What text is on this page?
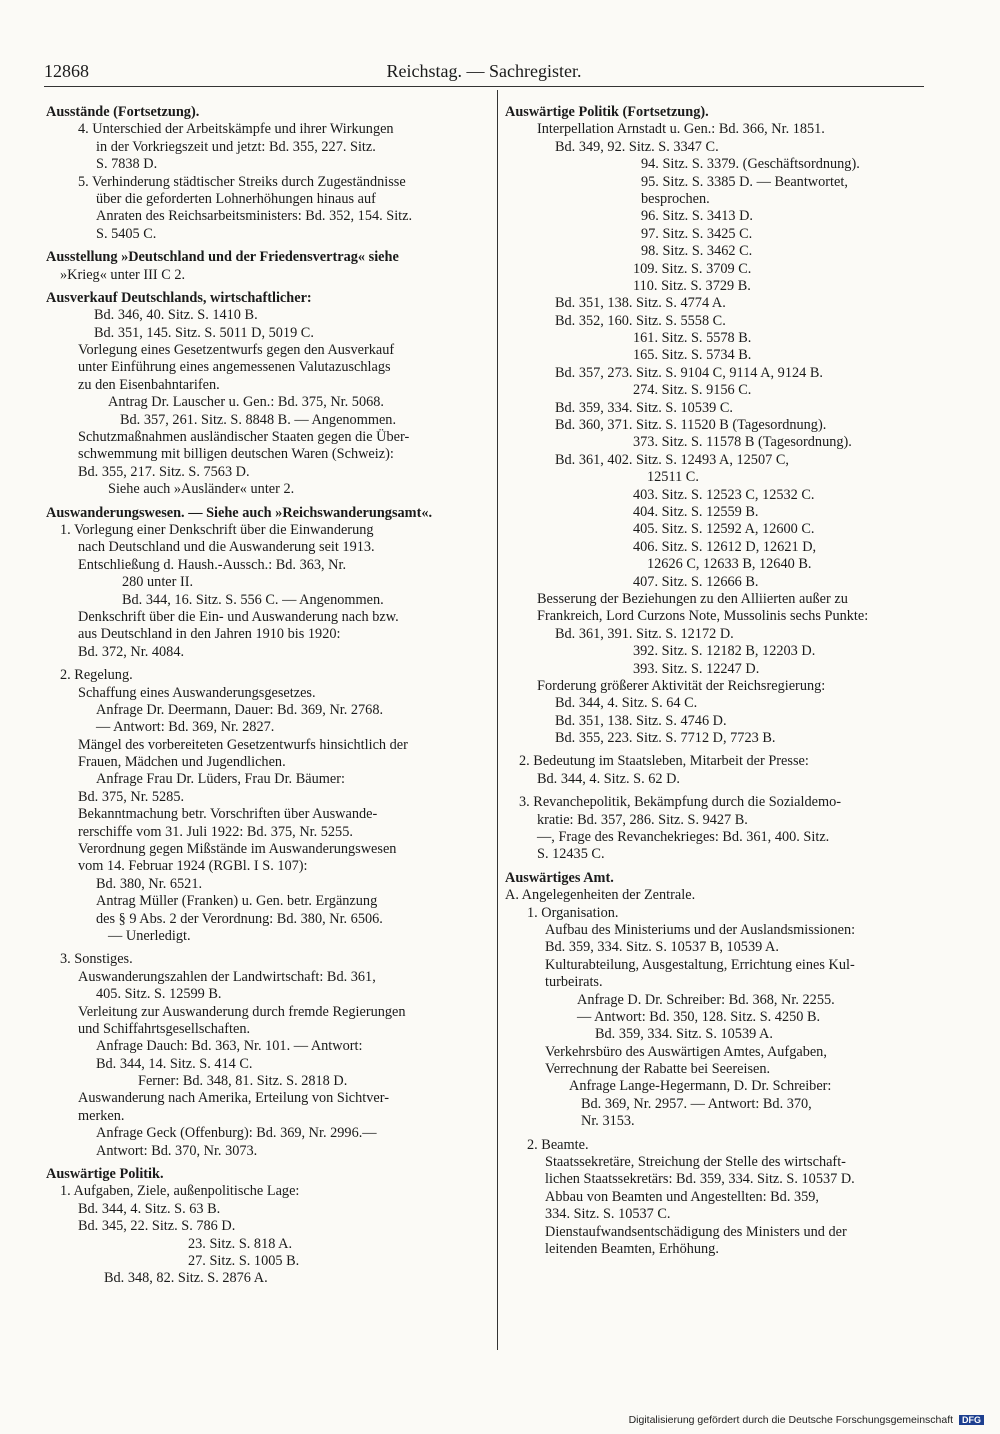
12868	Reichstag. — Sachregister.
Ausstände (Fortsetzung).
4. Unterschied der Arbeitskämpfe und ihrer Wirkungen
in der Vorkriegszeit und jetzt: Bd. 355, 227. Sitz.
S. 7838 D.
5. Verhinderung städtischer Streiks durch Zugeständnisse
über die geforderten Lohnerhöhungen hinaus auf
Anraten des Reichsarbeitsministers: Bd. 352, 154. Sitz.
S. 5405 C.
Ausstellung »Deutschland und der Friedensvertrag« siehe
»Krieg« unter III C 2.
Ausverkauf Deutschlands, wirtschaftlicher:
Bd. 346, 40. Sitz. S. 1410 B.
Bd. 351, 145. Sitz. S. 5011 D, 5019 C.
Vorlegung eines Gesetzentwurfs gegen den Ausverkauf
unter Einführung eines angemessenen Valutazuschlags
zu den Eisenbahntarifen.
Antrag Dr. Lauscher u. Gen.: Bd. 375, Nr. 5068.
Bd. 357, 261. Sitz. S. 8848 B. — Angenommen.
Schutzmaßnahmen ausländischer Staaten gegen die Über-
schwemmung mit billigen deutschen Waren (Schweiz):
Bd. 355, 217. Sitz. S. 7563 D.
Siehe auch »Ausländer« unter 2.
Auswanderungswesen. — Siehe auch »Reichswanderungsamt«.
1. Vorlegung einer Denkschrift über die Einwanderung
nach Deutschland und die Auswanderung seit 1913.
Entschließung d. Haush.-Aussch.: Bd. 363, Nr.
280 unter II.
Bd. 344, 16. Sitz. S. 556 C. — Angenommen.
Denkschrift über die Ein- und Auswanderung nach bzw.
aus Deutschland in den Jahren 1910 bis 1920:
Bd. 372, Nr. 4084.
2. Regelung.
Schaffung eines Auswanderungsgesetzes.
Anfrage Dr. Deermann, Dauer: Bd. 369, Nr. 2768.
— Antwort: Bd. 369, Nr. 2827.
Mängel des vorbereiteten Gesetzentwurfs hinsichtlich der
Frauen, Mädchen und Jugendlichen.
Anfrage Frau Dr. Lüders, Frau Dr. Bäumer:
Bd. 375, Nr. 5285.
Bekanntmachung betr. Vorschriften über Auswande-
rerschiffe vom 31. Juli 1922: Bd. 375, Nr. 5255.
Verordnung gegen Mißstände im Auswanderungswesen
vom 14. Februar 1924 (RGBl. I S. 107):
Bd. 380, Nr. 6521.
Antrag Müller (Franken) u. Gen. betr. Ergänzung
des § 9 Abs. 2 der Verordnung: Bd. 380, Nr. 6506.
— Unerledigt.
3. Sonstiges.
Auswanderungszahlen der Landwirtschaft: Bd. 361,
405. Sitz. S. 12599 B.
Verleitung zur Auswanderung durch fremde Regierungen
und Schiffahrtsgesellschaften.
Anfrage Dauch: Bd. 363, Nr. 101. — Antwort:
Bd. 344, 14. Sitz. S. 414 C.
Ferner: Bd. 348, 81. Sitz. S. 2818 D.
Auswanderung nach Amerika, Erteilung von Sichtver-
merken.
Anfrage Geck (Offenburg): Bd. 369, Nr. 2996.—
Antwort: Bd. 370, Nr. 3073.
Auswärtige Politik.
1. Aufgaben, Ziele, außenpolitische Lage:
Bd. 344, 4. Sitz. S. 63 B.
Bd. 345, 22. Sitz. S. 786 D.
23. Sitz. S. 818 A.
27. Sitz. S. 1005 B.
Bd. 348, 82. Sitz. S. 2876 A.
Auswärtige Politik (Fortsetzung).
Interpellation Arnstadt u. Gen.: Bd. 366, Nr. 1851.
Bd. 349, 92. Sitz. S. 3347 C.
94. Sitz. S. 3379. (Geschäftsordnung).
95. Sitz. S. 3385 D. — Beantwortet,
besprochen.
96. Sitz. S. 3413 D.
97. Sitz. S. 3425 C.
98. Sitz. S. 3462 C.
109. Sitz. S. 3709 C.
110. Sitz. S. 3729 B.
Bd. 351, 138. Sitz. S. 4774 A.
Bd. 352, 160. Sitz. S. 5558 C.
161. Sitz. S. 5578 B.
165. Sitz. S. 5734 B.
Bd. 357, 273. Sitz. S. 9104 C, 9114 A, 9124 B.
274. Sitz. S. 9156 C.
Bd. 359, 334. Sitz. S. 10539 C.
Bd. 360, 371. Sitz. S. 11520 B (Tagesordnung).
373. Sitz. S. 11578 B (Tagesordnung).
Bd. 361, 402. Sitz. S. 12493 A, 12507 C,
12511 C.
403. Sitz. S. 12523 C, 12532 C.
404. Sitz. S. 12559 B.
405. Sitz. S. 12592 A, 12600 C.
406. Sitz. S. 12612 D, 12621 D,
12626 C, 12633 B, 12640 B.
407. Sitz. S. 12666 B.
Besserung der Beziehungen zu den Alliierten außer zu
Frankreich, Lord Curzons Note, Mussolinis sechs Punkte:
Bd. 361, 391. Sitz. S. 12172 D.
392. Sitz. S. 12182 B, 12203 D.
393. Sitz. S. 12247 D.
Forderung größerer Aktivität der Reichsregierung:
Bd. 344, 4. Sitz. S. 64 C.
Bd. 351, 138. Sitz. S. 4746 D.
Bd. 355, 223. Sitz. S. 7712 D, 7723 B.
2. Bedeutung im Staatsleben, Mitarbeit der Presse:
Bd. 344, 4. Sitz. S. 62 D.
3. Revanchepolitik, Bekämpfung durch die Sozialdemo-
kratie: Bd. 357, 286. Sitz. S. 9427 B.
—, Frage des Revanchekrieges: Bd. 361, 400. Sitz.
S. 12435 C.
Auswärtiges Amt.
A. Angelegenheiten der Zentrale.
1. Organisation.
Aufbau des Ministeriums und der Auslandsmissionen:
Bd. 359, 334. Sitz. S. 10537 B, 10539 A.
Kulturabteilung, Ausgestaltung, Errichtung eines Kul-
turbeirats.
Anfrage D. Dr. Schreiber: Bd. 368, Nr. 2255.
— Antwort: Bd. 350, 128. Sitz. S. 4250 B.
Bd. 359, 334. Sitz. S. 10539 A.
Verkehrsbüro des Auswärtigen Amtes, Aufgaben,
Verrechnung der Rabatte bei Seereisen.
Anfrage Lange-Hegermann, D. Dr. Schreiber:
Bd. 369, Nr. 2957. — Antwort: Bd. 370,
Nr. 3153.
2. Beamte.
Staatssekretäre, Streichung der Stelle des wirtschaft-
lichen Staatssekretärs: Bd. 359, 334. Sitz. S. 10537 D.
Abbau von Beamten und Angestellten: Bd. 359,
334. Sitz. S. 10537 C.
Dienstaufwandsentschädigung des Ministers und der
leitenden Beamten, Erhöhung.
Digitalisierung gefördert durch die Deutsche Forschungsgemeinschaft DFG
